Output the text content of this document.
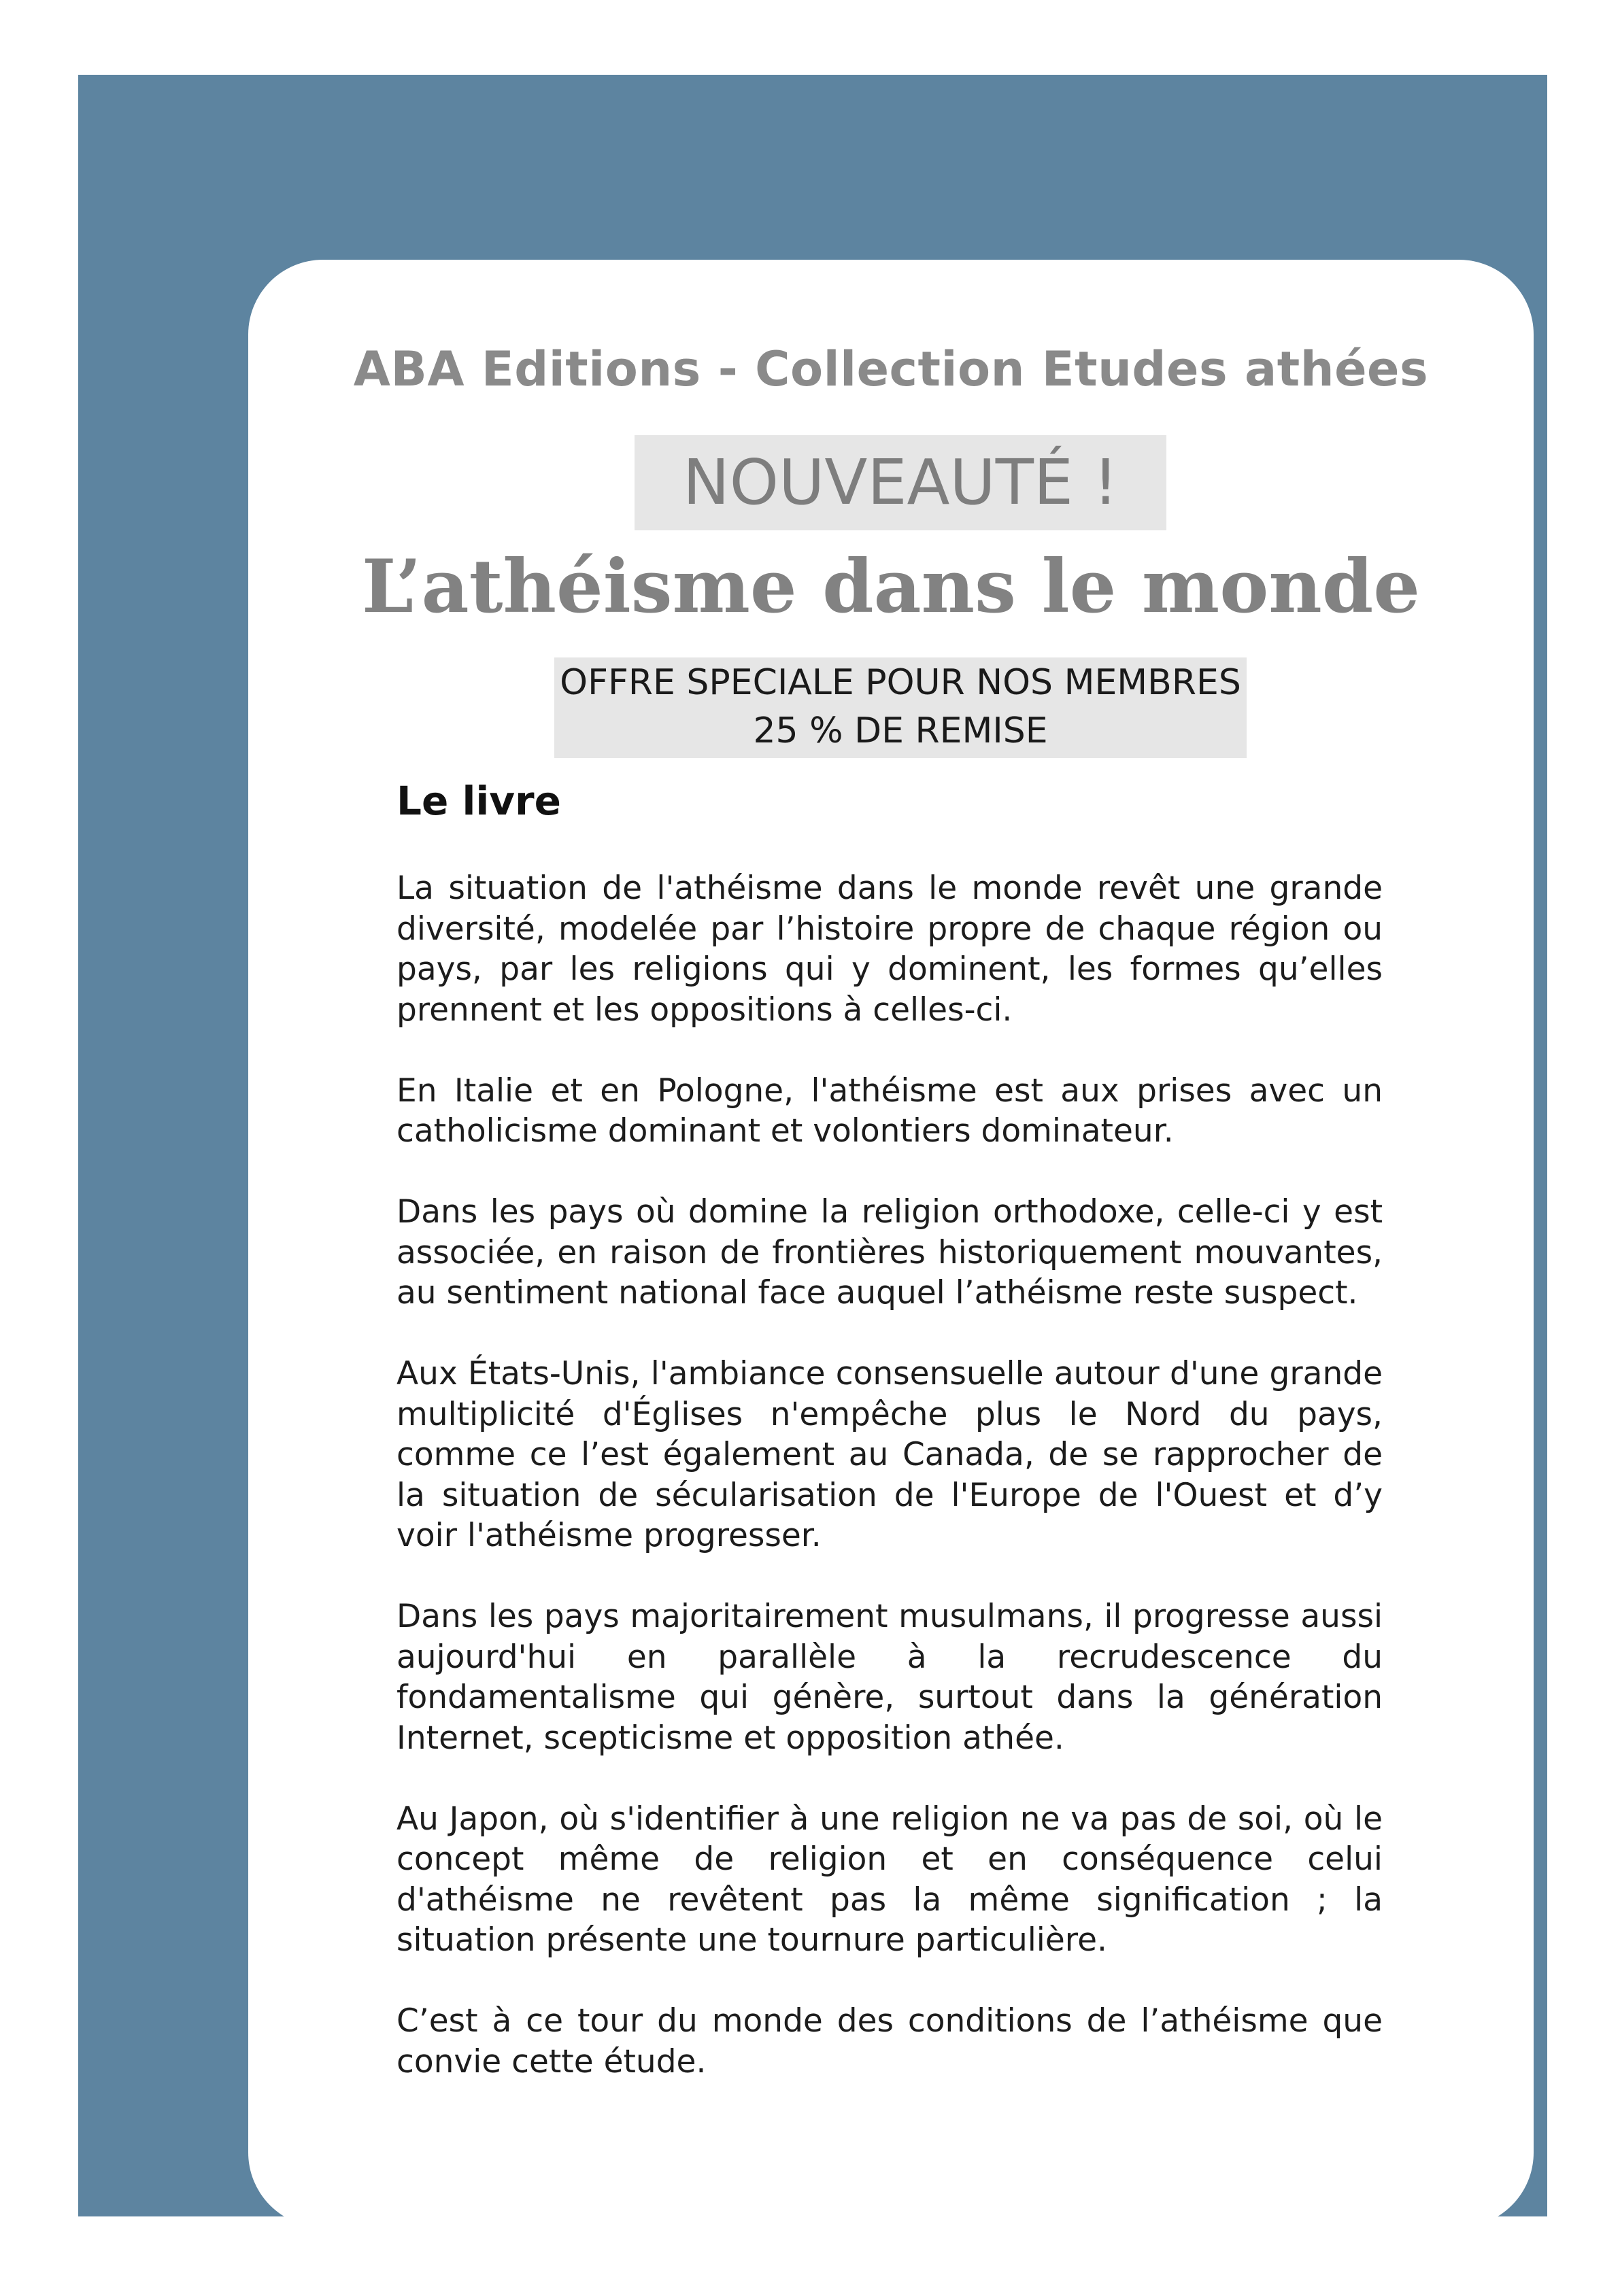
ABA Editions - Collection Etudes athées
NOUVEAUTÉ !
L’athéisme dans le monde
OFFRE SPECIALE POUR NOS MEMBRES
25 % DE REMISE
Le livre

La situation de l'athéisme dans le monde revêt une grande diversité, modelée par l’histoire propre de chaque région ou pays, par les religions qui y dominent, les formes qu’elles prennent et les oppositions à celles-ci.

En Italie et en Pologne, l'athéisme est aux prises avec un catholicisme dominant et volontiers dominateur.

Dans les pays où domine la religion orthodoxe, celle-ci y est associée, en raison de frontières historiquement mouvantes, au sentiment national face auquel l’athéisme reste suspect.

Aux États-Unis, l'ambiance consensuelle autour d'une grande multiplicité d'Églises n'empêche plus le Nord du pays, comme ce l’est également au Canada, de se rapprocher de la situation de sécularisation de l'Europe de l'Ouest et d’y voir l'athéisme progresser.

Dans les pays majoritairement musulmans, il progresse aussi aujourd'hui en parallèle à la recrudescence du fondamentalisme qui génère, surtout dans la génération Internet, scepticisme et opposition athée.

Au Japon, où s'identifier à une religion ne va pas de soi, où le concept même de religion et en conséquence celui d'athéisme ne revêtent pas la même signification ; la situation présente une tournure particulière.

C’est à ce tour du monde des conditions de l’athéisme que convie cette étude.
